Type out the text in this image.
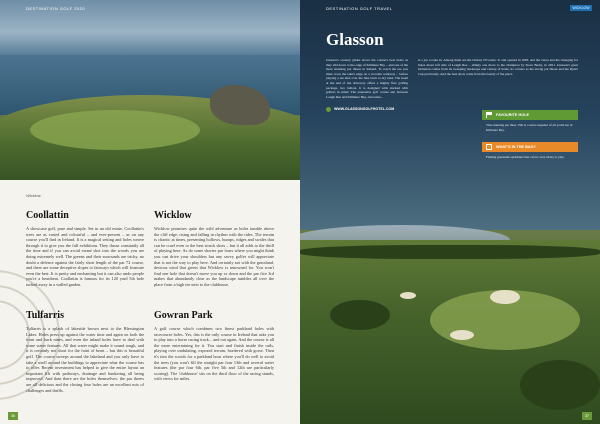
DESTINATION GOLF 2020
Wicklow
Coollattin

A showcase golf, pure and simple. Set in an old estate, Coollattin's trees are as varied and colourful – and ever-present – as on any course you'll find in Ireland. It is a magical setting and holes weave through it to give you the full exhibition. They thrust constantly all the time and if you can avoid errant shot into the woods you are doing extremely well. The greens and their surrounds are tricky, no doubt a defence against the fairly short length of the par 72 course, and there are some deceptive slopes to fairways which will frustrate even the best. It is pretty and enchanting but it can also undo people you're a heartbeat. Coollattin is famous for its 120 yard 5th hole tucked away in a walled garden.

Wicklow

Wicklow promises quite the wild adventure as holes tumble above the cliff edge, rising and falling in rhythm with the tides. The terrain is chaotic at times, presenting hollows, humps, ridges and swales that can be cruel even to the best struck shots – but it all adds to the thrill of playing here. As do some shorter par fours where you might think you can drive your shoulders but any savvy golfer will appreciate that is not the way to play here. And certainly not with the grassland, devious wind that greets that Wicklow is renowned for. You won't find one hole that doesn't move you up or down and the par five 3rd makes that abundantly clear as the landscape tumbles all over the place from a high tee next to the clubhouse.

Tulfarris

Tulfarris is a splash of lakeside brown next to the Blessington Lakes. Holes press up against the water time and again on both the front and back nines, and even the inland holes have to deal with some water features. All that water might make it sound tough, and it is certainly not short for the faint of heart – but this is beautiful golf. The course sweeps around the lakeland and you only have to take a stroll around the buildings to appreciate what the course has to offer. Recent investment has helped to give the entire layout an important lift with pathways, drainage and bunkering all being improved. And then there are the holes themselves: the par threes are all delicious and the closing four holes are an excellent mix of challenges and thrills.

Gowran Park

A golf course which combines two finest parkland holes with racecourse holes. Yes, this is the only course in Ireland that asks you to play into a horse racing track... and out again. And the course is all the more entertaining for it. You start and finish inside the rails, playing over undulating, exposed terrain, bordered with gorse. Then it's into the woods for a parkland hour where you'll do well to avoid the trees (you won't fill the straight par four 13th and several water features (the par four 6th, par five 5th and 12th are particularly scoring). The 'clubhouse' sits on the third floor of the racing stands, with views for miles.

36
DESTINATION GOLF TRAVEL	WICKLOW
Glasson
Glasson's scenery glides above the course's best holes as they slid down to the edge of Killinure Bay – and one of the most stunning par threes in Ireland. To reach the tee you must cross the lake's edge on a wooden walkway – before playing a tee shot over the lake back to dry land. The hotel at the end of the driveway offers a mighty fine golfing package, two ballots. It is designed with stacked with golfers in mind. The expansive golf course site between Lough Ree and Killinure Bay, and some...
is a joy to take in. Among them are the Christy O'Connor Jr. and opened in 1993, and the views and the changing for holes move left side of Lough Ree – simply one more to the champion by Steve Beaty, in 2021. Glasson's great inclusion comes from its sweeping landscape and variety of holes, its colours as the strong par threes and the Ryder Cup previously. And the best shots come from the beauty of the place.
WWW.GLASSONGOLFHOTEL.COM
FAVOURITE HOLE
This stunning par three 15th is a stern snapshot of all you'll see in Killinure Bay.
WHAT'S IN THE BAG?
Finding greenside sprinklers that can be very tricky to play.
37
